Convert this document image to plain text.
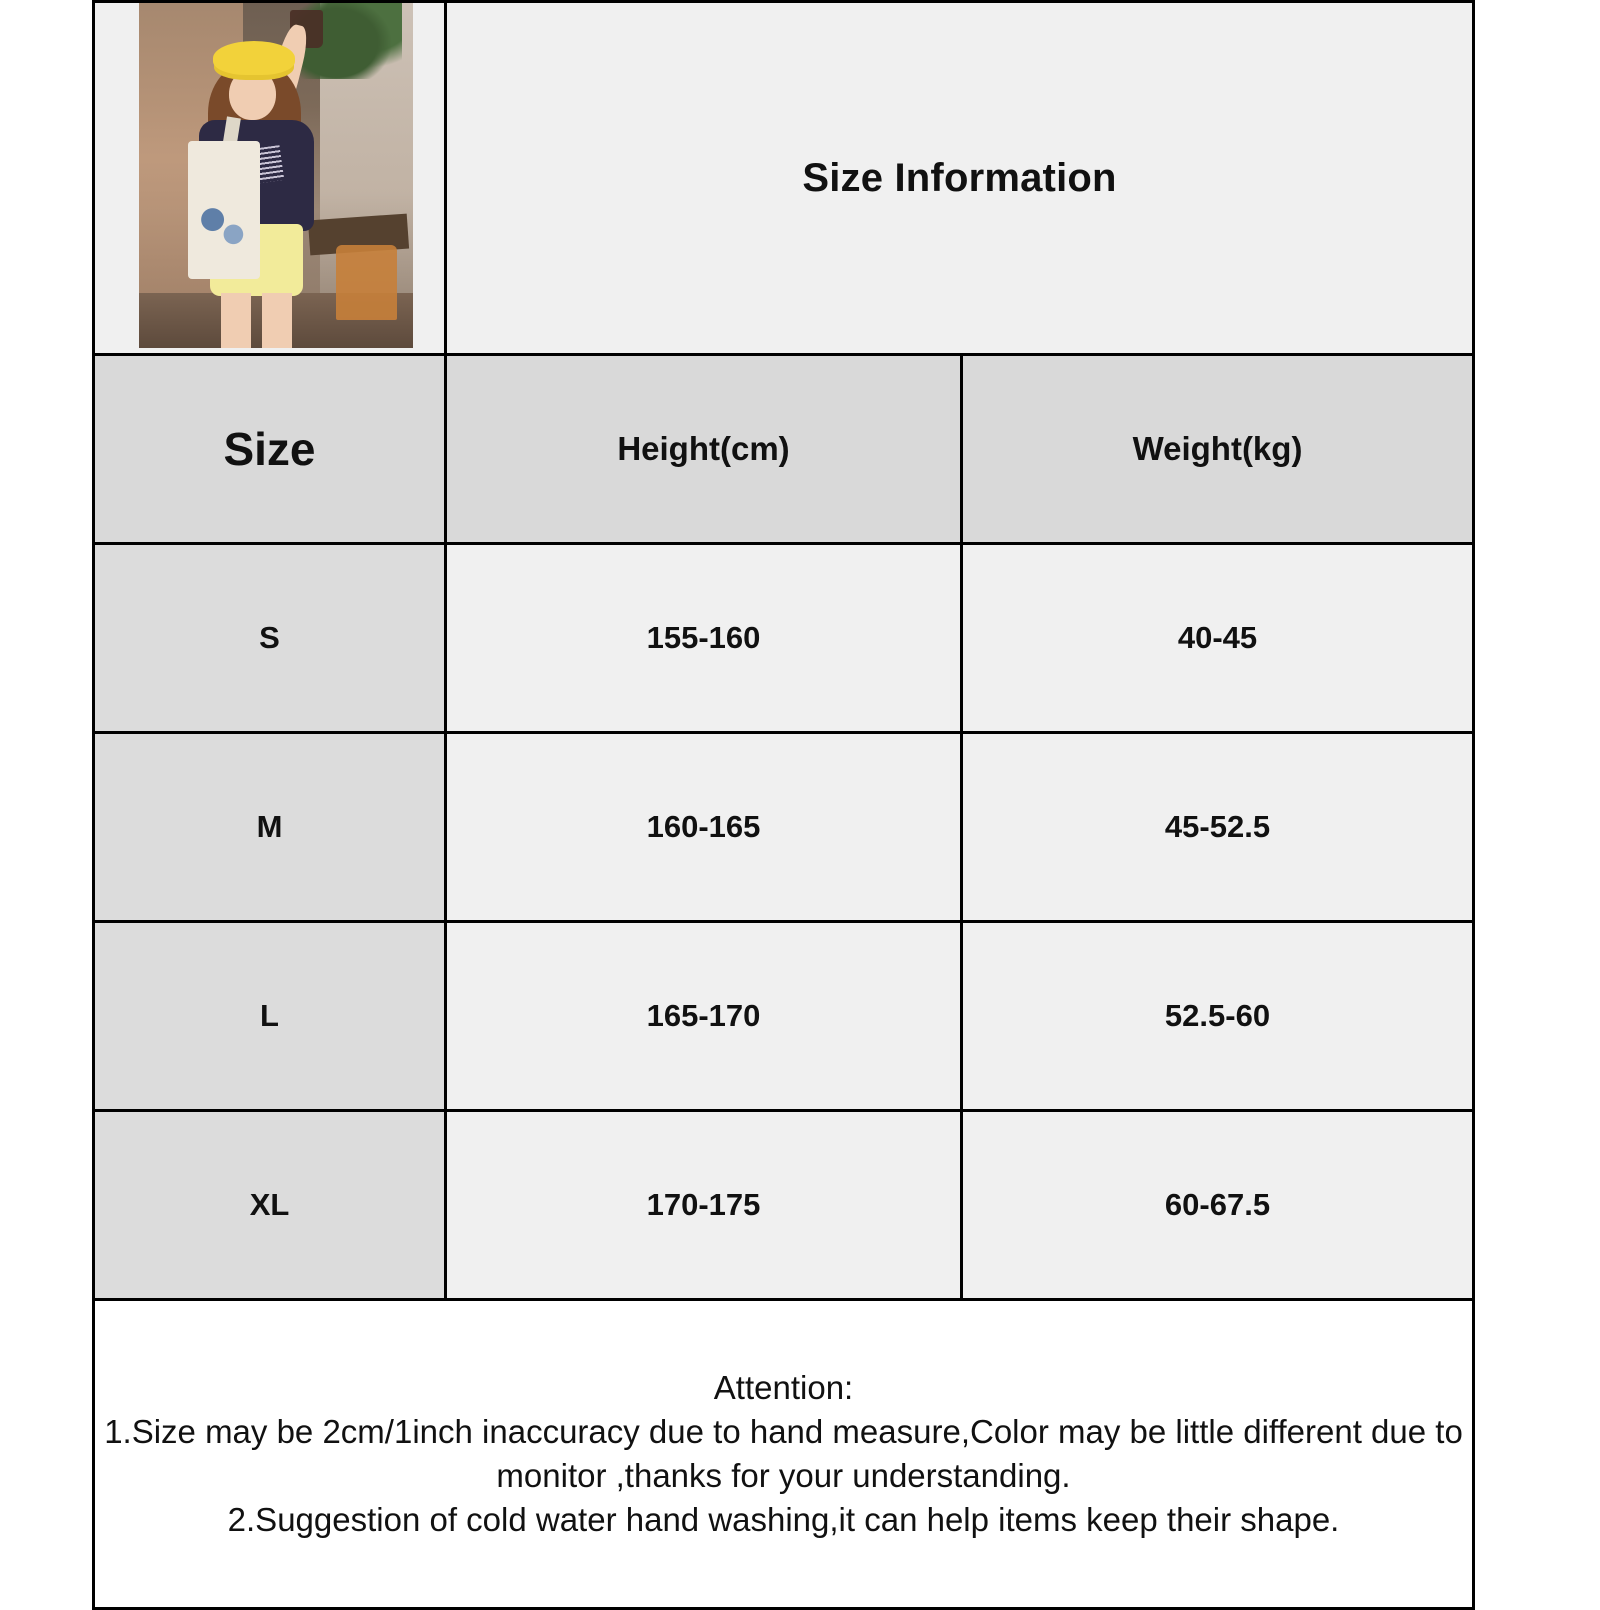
	Size Information	
Size	Height(cm)	Weight(kg)
S	155-160	40-45
M	160-165	45-52.5
L	165-170	52.5-60
XL	170-175	60-67.5

Attention:
1.Size may be 2cm/1inch inaccuracy due to hand measure,Color may be little different due to monitor ,thanks for your understanding.
2.Suggestion of cold water hand washing,it can help items keep their shape.		
